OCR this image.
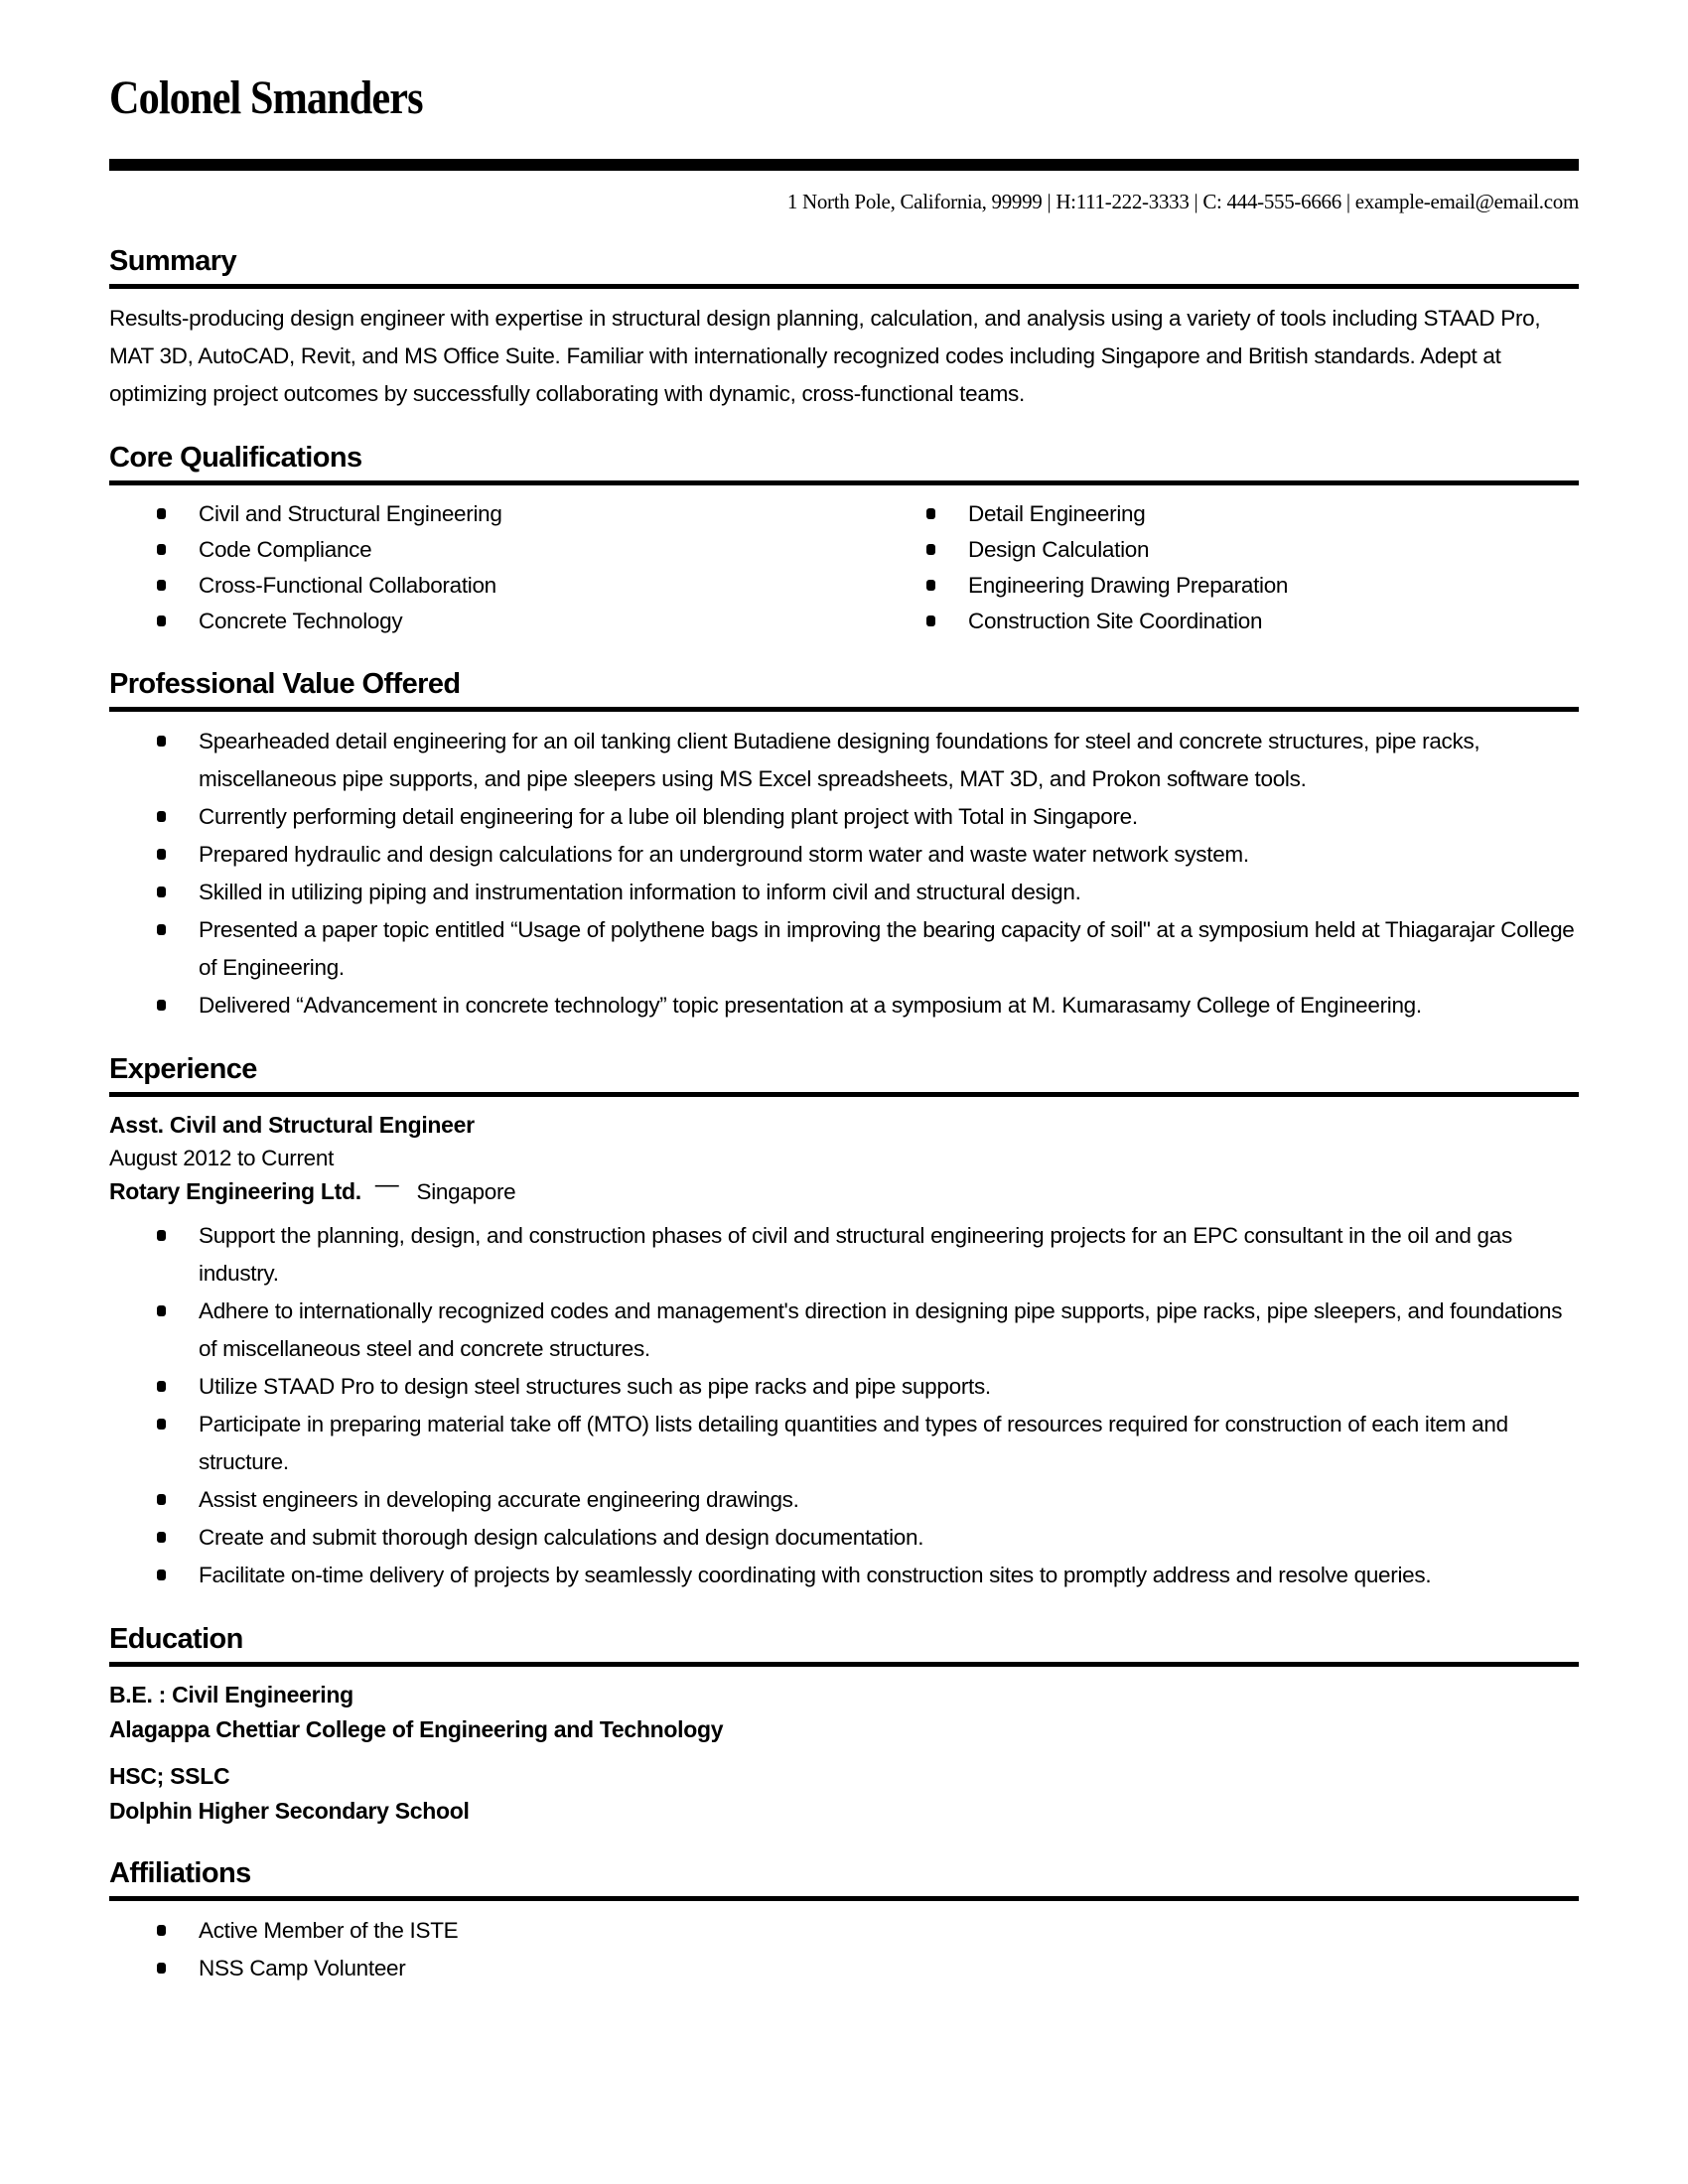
Colonel Smanders
1 North Pole, California, 99999 | H:111-222-3333 | C: 444-555-6666 | example-email@email.com
Summary

Results-producing design engineer with expertise in structural design planning, calculation, and analysis using a variety of tools including STAAD Pro, MAT 3D, AutoCAD, Revit, and MS Office Suite. Familiar with internationally recognized codes including Singapore and British standards. Adept at optimizing project outcomes by successfully collaborating with dynamic, cross-functional teams.

Core Qualifications
Civil and Structural Engineering
Code Compliance
Cross-Functional Collaboration
Concrete Technology
Detail Engineering
Design Calculation
Engineering Drawing Preparation
Construction Site Coordination
Professional Value Offered
Spearheaded detail engineering for an oil tanking client Butadiene designing foundations for steel and concrete structures, pipe racks, miscellaneous pipe supports, and pipe sleepers using MS Excel spreadsheets, MAT 3D, and Prokon software tools.
Currently performing detail engineering for a lube oil blending plant project with Total in Singapore.
Prepared hydraulic and design calculations for an underground storm water and waste water network system.
Skilled in utilizing piping and instrumentation information to inform civil and structural design.
Presented a paper topic entitled “Usage of polythene bags in improving the bearing capacity of soil" at a symposium held at Thiagarajar College of Engineering.
Delivered “Advancement in concrete technology” topic presentation at a symposium at M. Kumarasamy College of Engineering.
Experience
Asst. Civil and Structural Engineer
August 2012 to Current
Rotary Engineering Ltd. — Singapore
Support the planning, design, and construction phases of civil and structural engineering projects for an EPC consultant in the oil and gas industry.
Adhere to internationally recognized codes and management's direction in designing pipe supports, pipe racks, pipe sleepers, and foundations of miscellaneous steel and concrete structures.
Utilize STAAD Pro to design steel structures such as pipe racks and pipe supports.
Participate in preparing material take off (MTO) lists detailing quantities and types of resources required for construction of each item and structure.
Assist engineers in developing accurate engineering drawings.
Create and submit thorough design calculations and design documentation.
Facilitate on-time delivery of projects by seamlessly coordinating with construction sites to promptly address and resolve queries.
Education
B.E. : Civil Engineering
Alagappa Chettiar College of Engineering and Technology
HSC; SSLC
Dolphin Higher Secondary School
Affiliations
Active Member of the ISTE
NSS Camp Volunteer
